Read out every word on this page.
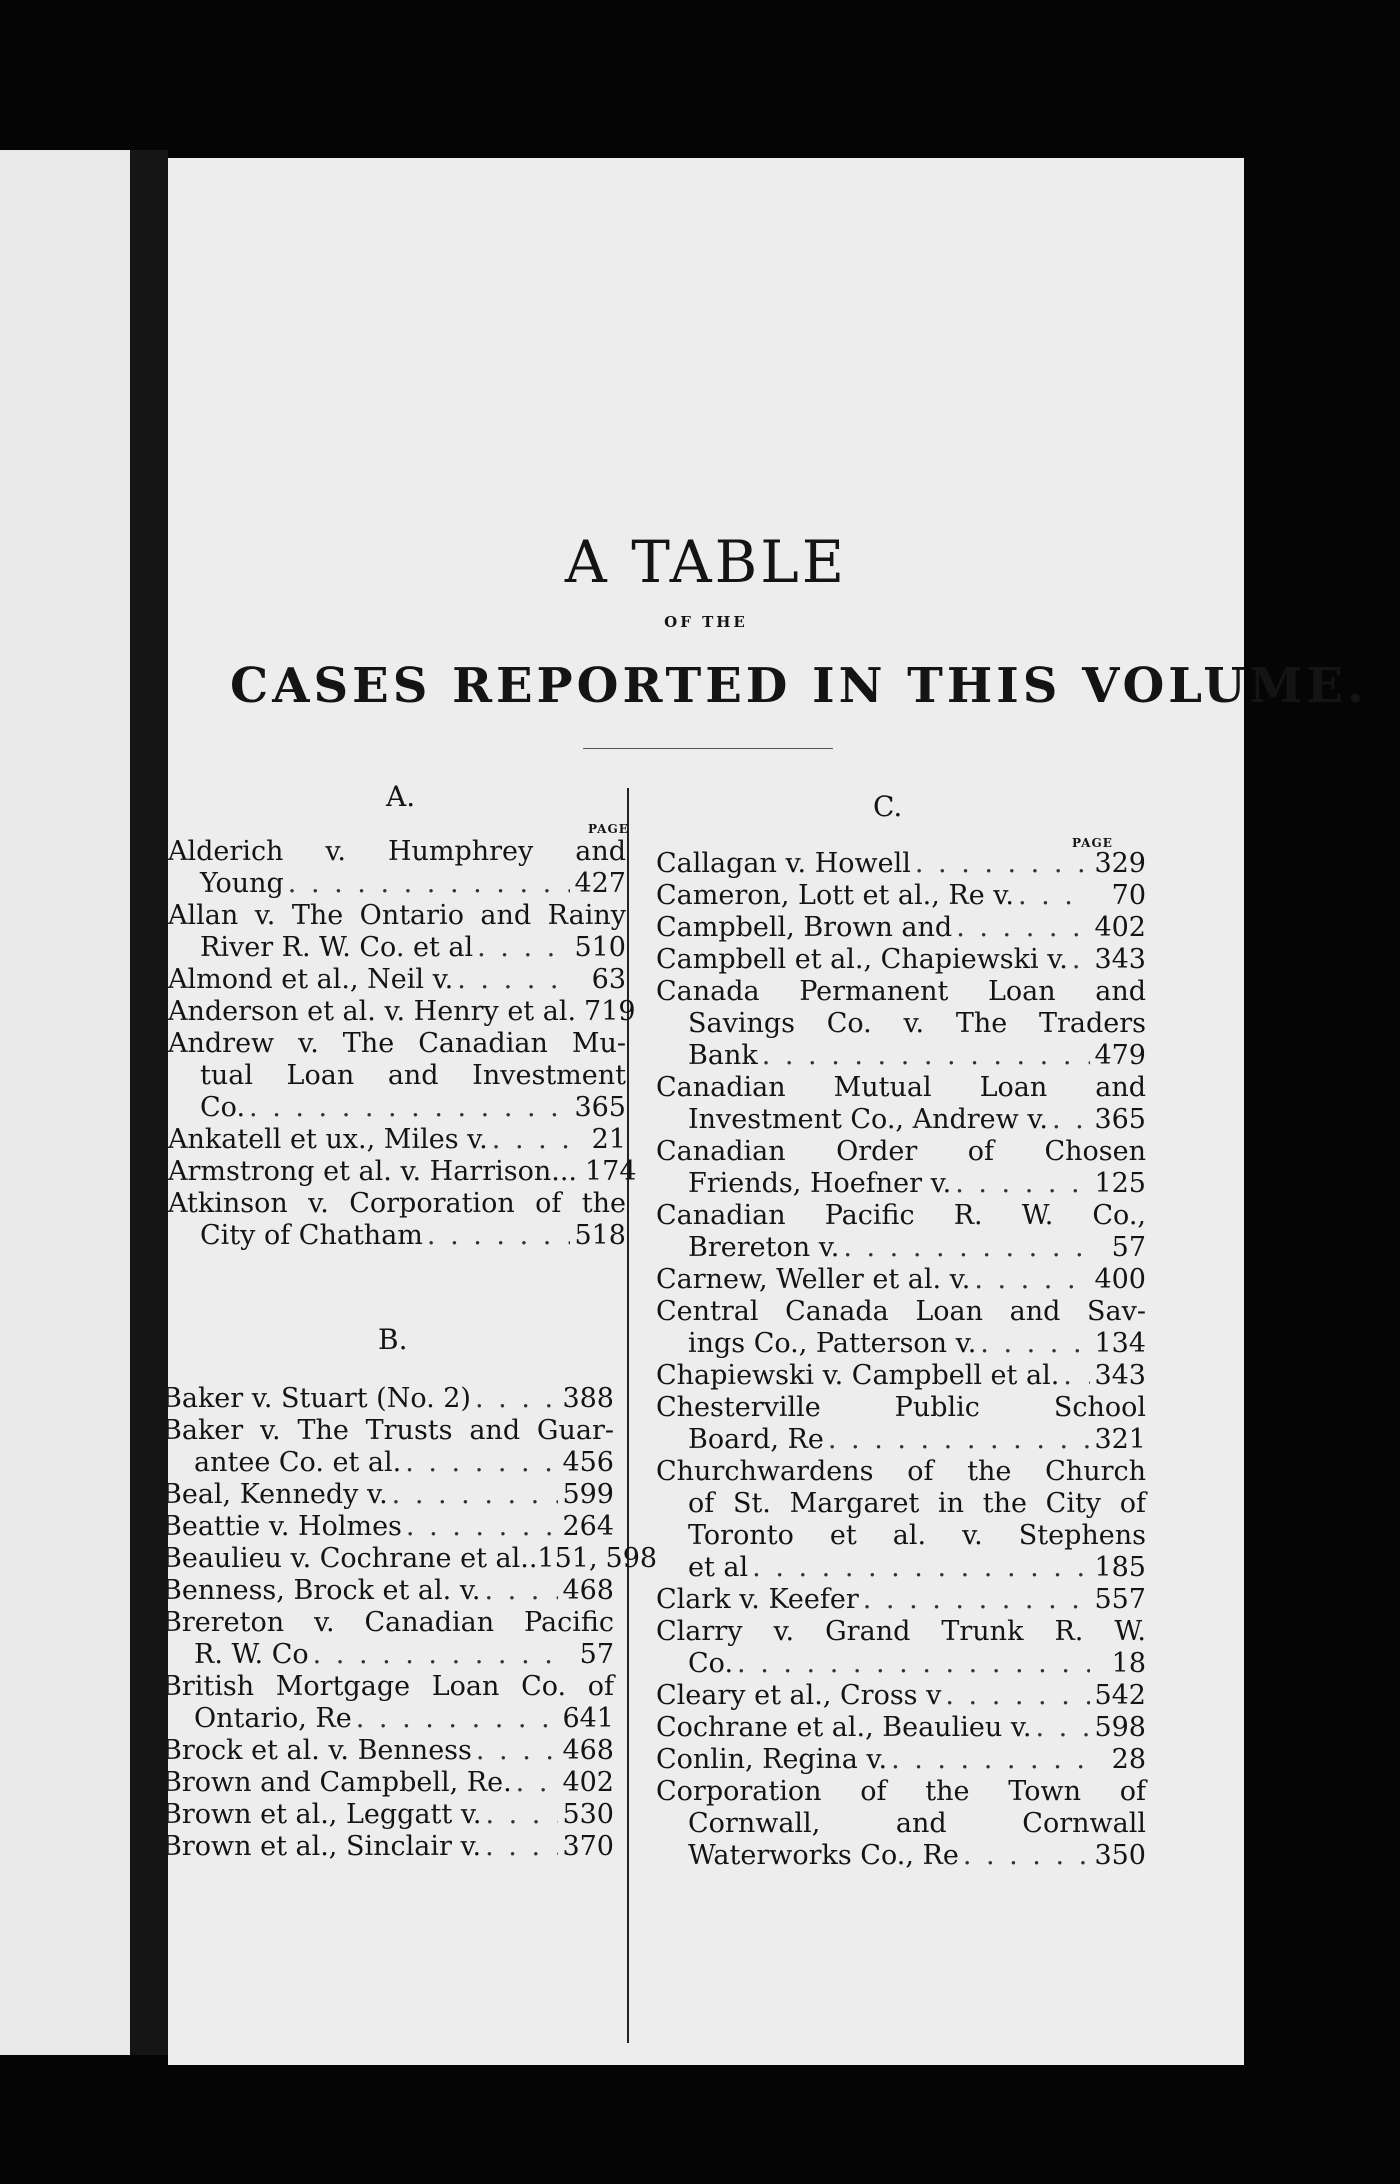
A TABLE
OF THE
CASES REPORTED IN THIS VOLUME.
A.
PAGE
B.
Alderich v. Humphrey and
Young . . .	427
Allan v. The Ontario and Rainy
River R. W. Co. et al . . .	510
Almond et al., Neil v. . . .	63
Anderson et al. v. Henry et al. 719
Andrew v. The Canadian Mu-
tual Loan and Investment
Co. . . .	365
Ankatell et ux., Miles v. . . .	21
Armstrong et al. v. Harrison... 174
Atkinson v. Corporation of the
City of Chatham . . .	518
Baker v. Stuart (No. 2) . . .	388
Baker v. The Trusts and Guar-
antee Co. et al. . . .	456
Beal, Kennedy v. . . .	599
Beattie v. Holmes . . .	264
Beaulieu v. Cochrane et al..151, 598
Benness, Brock et al. v. . . .	468
Brereton v. Canadian Pacific
R. W. Co . . .	57
British Mortgage Loan Co. of
Ontario, Re . . .	641
Brock et al. v. Benness . . .	468
Brown and Campbell, Re. . . . 402
Brown et al., Leggatt v. . . .	530
Brown et al., Sinclair v. . . .	370
C.
PAGE
Callagan v. Howell . . .	329
Cameron, Lott et al., Re v. . . .	70
Campbell, Brown and . . .	402
Campbell et al., Chapiewski v. . . . 343
Canada Permanent Loan and
Savings Co. v. The Traders
Bank . . .	479
Canadian Mutual Loan and
Investment Co., Andrew v. . . . 365
Canadian Order of Chosen
Friends, Hoefner v. . . .	125
Canadian Pacific R. W. Co.,
Brereton v. . . .	57
Carnew, Weller et al. v. . . .	400
Central Canada Loan and Sav-
ings Co., Patterson v. . . .	134
Chapiewski v. Campbell et al. . . . 343
Chesterville Public School
Board, Re . . .	321
Churchwardens of the Church
of St. Margaret in the City of
Toronto et al. v. Stephens
et al . . .	185
Clark v. Keefer . . .	557
Clarry v. Grand Trunk R. W.
Co. . . .	18
Cleary et al., Cross v . . .	542
Cochrane et al., Beaulieu v. . . . 598
Conlin, Regina v. . . .	28
Corporation of the Town of
Cornwall, and Cornwall
Waterworks Co., Re . . .	350
